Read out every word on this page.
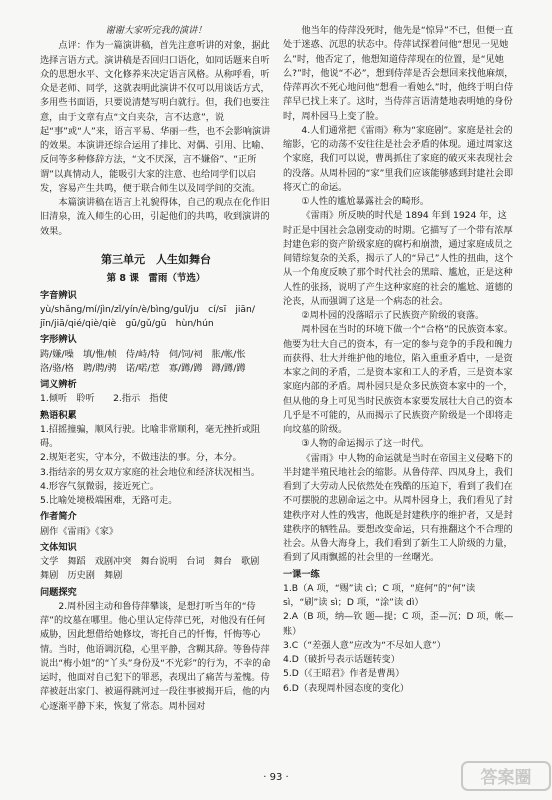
谢谢大家听完我的演讲！

点评：作为一篇演讲稿，首先注意听讲的对象，据此选择言语方式。演讲稿是否回归口语化，如同话题来自听众的思想水平、文化修养来决定语言风格。从称呼看，听众是老师、同学，这就表明此演讲不仅可以用谈话方式，多用些书面语，只要说清楚写明白就行。但，我们也要注意，由于文章有点“文白夹杂，言不达意”，说起“事”或“人”来，语言平易、华丽一些，也不会影响演讲的效果。本演讲还综合运用了排比、对偶、引用、比喻、反问等多种修辞方法，“文不厌深，言不嫌俗”、“正所谓”以真情动人，能吸引大家的注意、也给同学们以启发，容易产生共鸣，便于联合师生以及同学间的交流。

本篇演讲稿在语言上礼貌得体，自己的观点在化作旧旧清泉，流入师生的心田，引起他们的共鸣，收到演讲的效果。

第三单元　人生如舞台
第 8 课　雷雨（节选）
字音辨识
yù/shǎng/mí/jìn/zǐ/yín/è/bìng/guǐ/ju　cí/sī　jiān/
jīn/jiā/qié/qiè/qiè　gū/gǔ/gū　hùn/hún
字形辨认
踌/嫌/噪　填/惟/帧　侍/峙/特　伺/饲/祠　胀/帐/怅
洛/骆/格　聘/聘/骋　诺/喏/惹　寡/蹲/蹲　蹲/蹲/蹲
词义辨析
1.倾听　聆听　　2.指示　指使
熟语积累
1.招摇撞骗，顺风行驶。比喻非常顺利，毫无挫折或阻碍。
2.规矩老实，守本分，不做违法的事。分，本分。
3.指结亲的男女双方家庭的社会地位和经济状况相当。
4.形容气氛微弱，接近死亡。
5.比喻处境极端困难，无路可走。
作者简介
剧作《雷雨》《家》
文体知识
文学 舞蹈 戏剧冲突 舞台说明 台词 舞台 歌剧
舞剧 历史剧 舞剧
问题探究

2.周朴园主动和鲁侍萍攀谈，是想打听当年的“侍萍”的坟墓在哪里。他心里认定侍萍已死，对他没有任何威胁，因此想借给她修坟，寄托自己的忏悔，忏悔等心情。当时，他语调沉稳，心里平静，含糊其辞。等鲁侍萍说出“梅小姐”的“丫头”身份及“不光彩”的行为，不幸的命运时，他面对自己犯下的罪恶，表现出了痛苦与羞愧。侍萍被赶出家门、被逼得跳河过一段往事被揭开后，他的内心逐渐平静下来，恢复了常态。周朴园对

他当年的侍萍没死时，他先是“惊异”不已，但便一直处于迷惑、沉思的状态中。侍萍试探着问他“想见一见她么”时，他否定了，他想知道侍萍现在的位置，是“见她么?”时，他说“不必”，想到侍萍是否会想回来找他麻烦，侍萍再次不死心地问他“想看一看她么”时，他终于明白侍萍早已找上来了。这时，当侍萍言语清楚地表明她的身份时，周朴园马上变了脸。

4.人们通常把《雷雨》称为“家庭剧”。家庭是社会的缩影，它的动荡不安往往是社会矛盾的体现。通过周家这个家庭，我们可以说，曹禺抓住了家庭的破灭来表现社会的没落。从周朴园的“家”里我们应该能够感到封建社会即将灭亡的命运。

①人性的尴尬暴露社会的畸形。

《雷雨》所反映的时代是 1894 年到 1924 年，这时正是中国社会急剧变动的时期。它描写了一个带有浓厚封建色彩的资产阶级家庭的腐朽和崩溃，通过家庭成员之间错综复杂的关系，揭示了人的“异己”人性的扭曲，这个从一个角度反映了那个时代社会的黑暗、尴尬，正是这种人性的张扬，说明了产生这种家庭的社会的尴尬、道德的沦丧，从而强调了这是一个病态的社会。

②周朴园的没落昭示了民族资产阶级的衰落。

周朴园在当时的环境下做一个“合格”的民族资本家。他要为壮大自己的资本，有一定的参与竞争的手段和魄力而获得、壮大并维护他的地位，陷入重重矛盾中，一是资本家之间的矛盾，二是资本家和工人的矛盾，三是资本家家庭内部的矛盾。周朴园只是众多民族资本家中的一个，但从他的身上可见当时民族资本家要发展壮大自己的资本几乎是不可能的，从而揭示了民族资产阶级是一个即将走向坟墓的阶级。

③人物的命运揭示了这一时代。

《雷雨》中人物的命运就是当时在帝国主义侵略下的半封建半殖民地社会的缩影。从鲁侍萍、四凤身上，我们看到了大劳动人民依然处在残酷的压迫下，看到了我们在不可摆脱的悲剧命运之中。从周朴园身上，我们看见了封建秩序对人性的残害，他既是封建秩序的维护者，又是封建秩序的牺牲品。要想改变命运，只有推翻这个不合理的社会。从鲁大海身上，我们看到了新生工人阶级的力量，看到了风雨飘摇的社会里的一丝曙光。

一课一练
1.B（A 项，“赐”读 cì；C 项，“庭何”的“何”读 sì，“刷”读 sì；D 项，“涂”读 dì）
2.A（B 项，纳—钦 题—提；C 项，歪—沉；D 项，帐—账）
3.C（“差强人意”应改为“不尽如人意”）
4.D（破折号表示话题转变）
5.D（《王昭君》作者是曹禺）
6.D（表现周朴园态度的变化）
· 93 ·	答案圈
